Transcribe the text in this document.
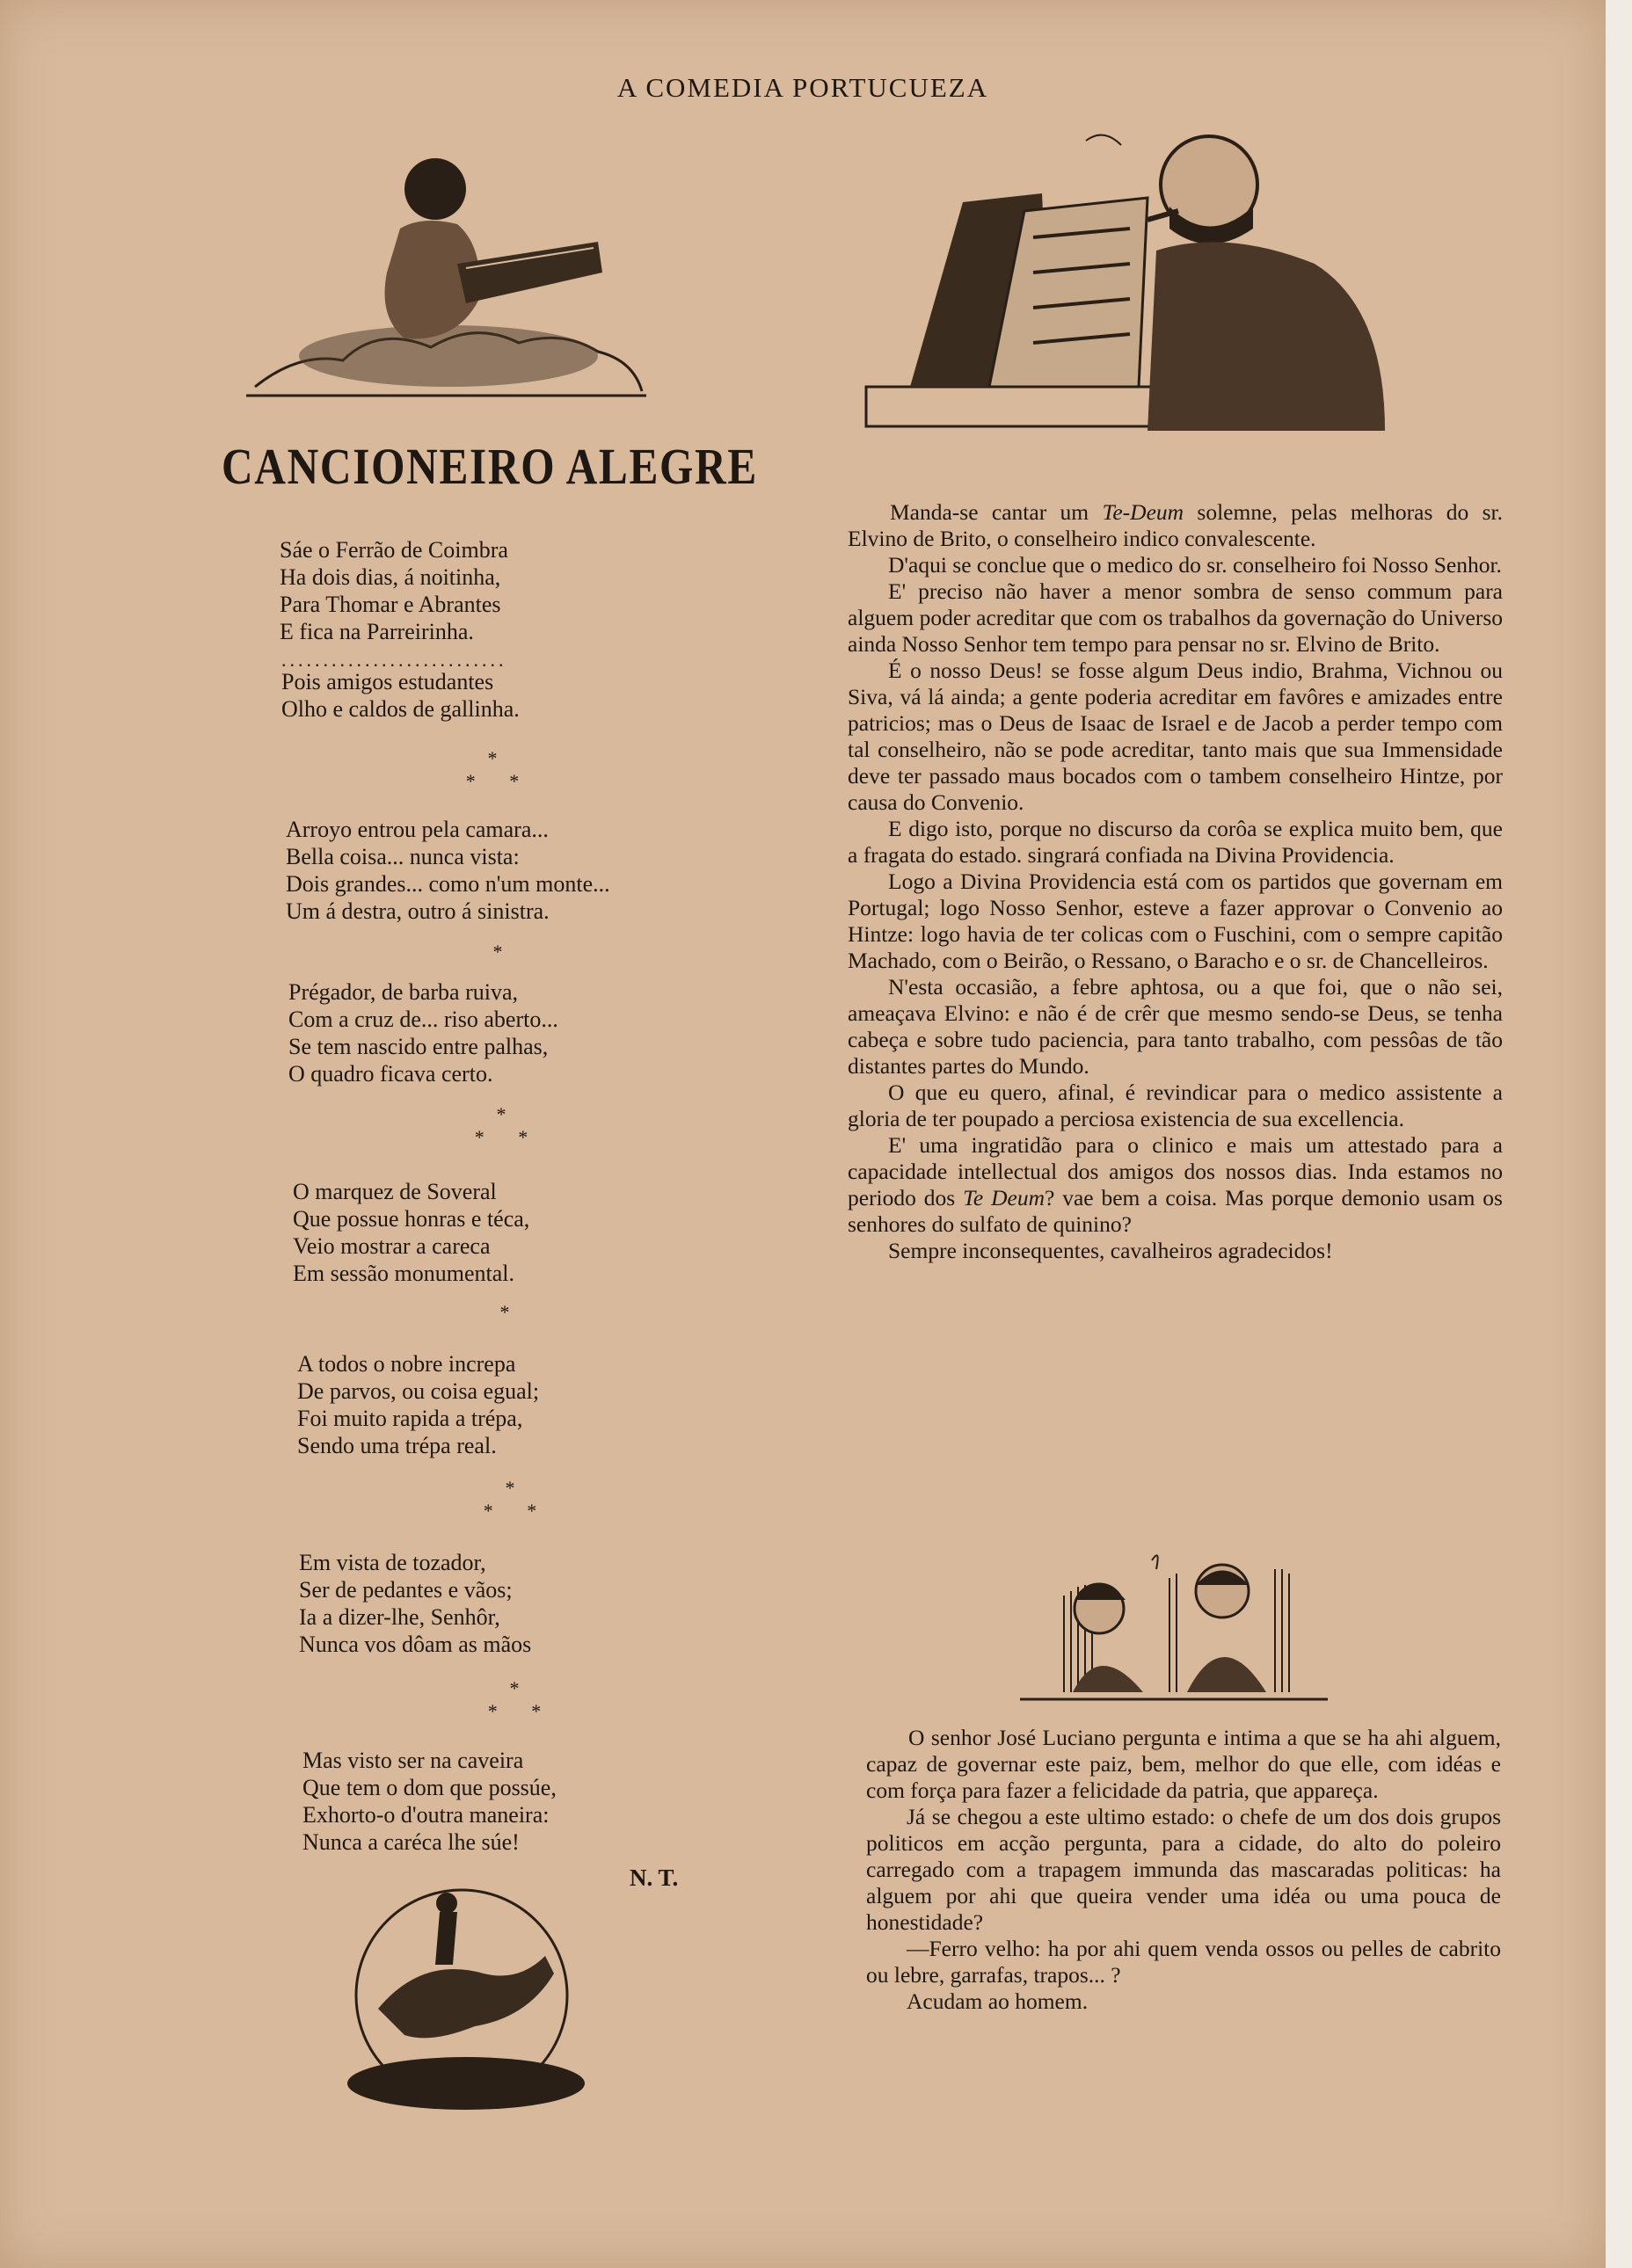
A COMEDIA PORTUCUEZA
CANCIONEIRO ALEGRE
Sáe o Ferrão de Coimbra
Ha dois dias, á noitinha,
Para Thomar e Abrantes
E fica na Parreirinha.
...........................
Pois amigos estudantes
Olho e caldos de gallinha.
*
* *
Arroyo entrou pela camara...
Bella coisa... nunca vista:
Dois grandes... como n'um monte...
Um á destra, outro á sinistra.
*
Prégador, de barba ruiva,
Com a cruz de... riso aberto...
Se tem nascido entre palhas,
O quadro ficava certo.
*
* *
O marquez de Soveral
Que possue honras e téca,
Veio mostrar a careca
Em sessão monumental.
*
A todos o nobre increpa
De parvos, ou coisa egual;
Foi muito rapida a trépa,
Sendo uma trépa real.
*
* *
Em vista de tozador,
Ser de pedantes e vãos;
Ia a dizer-lhe, Senhôr,
Nunca vos dôam as mãos
*
* *
Mas visto ser na caveira
Que tem o dom que possúe,
Exhorto-o d'outra maneira:
Nunca a caréca lhe súe!
N. T.

Manda-se cantar um Te-Deum solemne, pelas melhoras do sr. Elvino de Brito, o conselheiro indico convalescente.

D'aqui se conclue que o medico do sr. conselheiro foi Nosso Senhor.

E' preciso não haver a menor sombra de senso commum para alguem poder acreditar que com os trabalhos da governação do Universo ainda Nosso Senhor tem tempo para pensar no sr. Elvino de Brito.

É o nosso Deus! se fosse algum Deus indio, Brahma, Vichnou ou Siva, vá lá ainda; a gente poderia acreditar em favôres e amizades entre patricios; mas o Deus de Isaac de Israel e de Jacob a perder tempo com tal conselheiro, não se pode acreditar, tanto mais que sua Immensidade deve ter passado maus bocados com o tambem conselheiro Hintze, por causa do Convenio.

E digo isto, porque no discurso da corôa se explica muito bem, que a fragata do estado. singrará confiada na Divina Providencia.

Logo a Divina Providencia está com os partidos que governam em Portugal; logo Nosso Senhor, esteve a fazer approvar o Convenio ao Hintze: logo havia de ter colicas com o Fuschini, com o sempre capitão Machado, com o Beirão, o Ressano, o Baracho e o sr. de Chancelleiros.

N'esta occasião, a febre aphtosa, ou a que foi, que o não sei, ameaçava Elvino: e não é de crêr que mesmo sendo-se Deus, se tenha cabeça e sobre tudo paciencia, para tanto trabalho, com pessôas de tão distantes partes do Mundo.

O que eu quero, afinal, é revindicar para o medico assistente a gloria de ter poupado a perciosa existencia de sua excellencia.

E' uma ingratidão para o clinico e mais um attestado para a capacidade intellectual dos amigos dos nossos dias. Inda estamos no periodo dos Te Deum? vae bem a coisa. Mas porque demonio usam os senhores do sulfato de quinino?

Sempre inconsequentes, cavalheiros agradecidos!

O senhor José Luciano pergunta e intima a que se ha ahi alguem, capaz de governar este paiz, bem, melhor do que elle, com idéas e com força para fazer a felicidade da patria, que appareça.

Já se chegou a este ultimo estado: o chefe de um dos dois grupos politicos em acção pergunta, para a cidade, do alto do poleiro carregado com a trapagem immunda das mascaradas politicas: ha alguem por ahi que queira vender uma idéa ou uma pouca de honestidade?

—Ferro velho: ha por ahi quem venda ossos ou pelles de cabrito ou lebre, garrafas, trapos... ?

Acudam ao homem.
